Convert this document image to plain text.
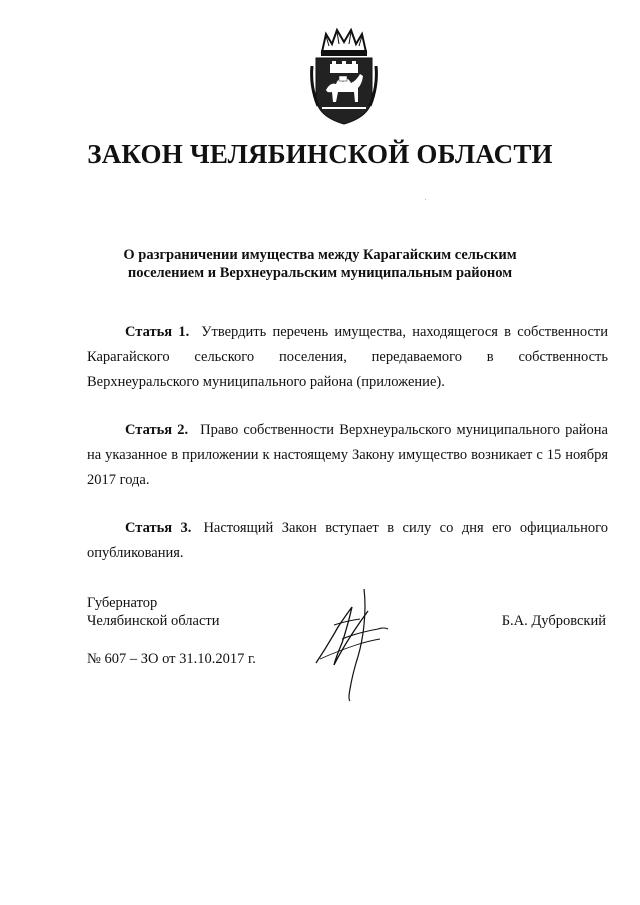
ЗАКОН ЧЕЛЯБИНСКОЙ ОБЛАСТИ
О разграничении имущества между Карагайским сельским
поселением и Верхнеуральским муниципальным районом
Статья 1. Утвердить перечень имущества, находящегося в собственности Карагайского сельского поселения, передаваемого в собственность Верхнеуральского муниципального района (приложение).
Статья 2. Право собственности Верхнеуральского муниципального района на указанное в приложении к настоящему Закону имущество возникает с 15 ноября 2017 года.
Статья 3. Настоящий Закон вступает в силу со дня его официального опубликования.
Губернатор
Челябинской области	Б.А. Дубровский
№ 607 – ЗО от 31.10.2017 г.
